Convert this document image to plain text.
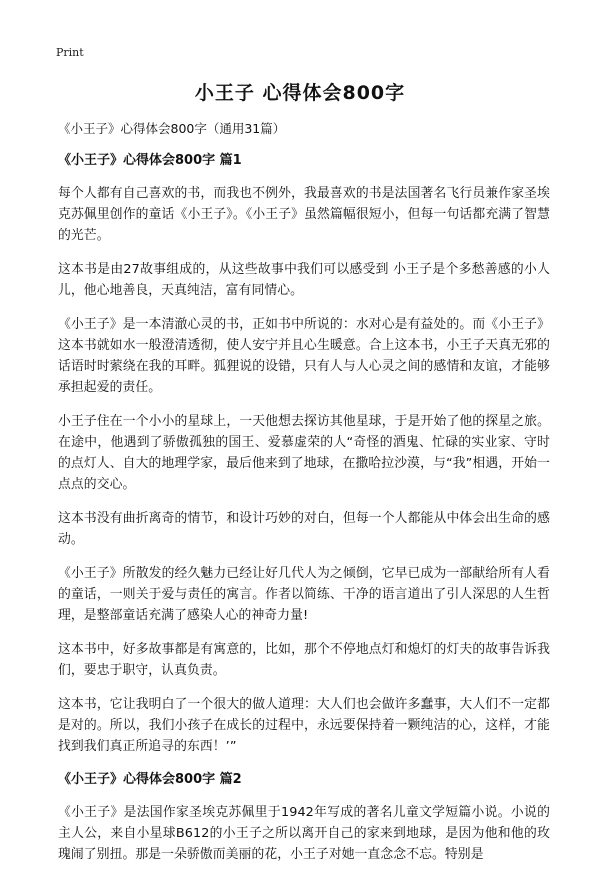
Print
小王子 心得体会800字

《小王子》心得体会800字（通用31篇）

《小王子》心得体会800字 篇1

每个人都有自己喜欢的书，而我也不例外，我最喜欢的书是法国著名飞行员兼作家圣埃克苏佩里创作的童话《小王子》。《小王子》虽然篇幅很短小，但每一句话都充满了智慧的光芒。

这本书是由27故事组成的，从这些故事中我们可以感受到 小王子是个多愁善感的小人儿，他心地善良，天真纯洁，富有同情心。

《小王子》是一本清澈心灵的书，正如书中所说的：水对心是有益处的。而《小王子》这本书就如水一般澄清透彻，使人安宁并且心生暖意。合上这本书，小王子天真无邪的话语时时萦绕在我的耳畔。狐狸说的设错，只有人与人心灵之间的感情和友谊，才能够承担起爱的责任。

小王子住在一个小小的星球上，一天他想去探访其他星球，于是开始了他的探星之旅。在途中，他遇到了骄傲孤独的国王、爱慕虚荣的人“奇怪的酒鬼、忙碌的实业家、守时的点灯人、自大的地理学家，最后他来到了地球，在撒哈拉沙漠，与“我”相遇，开始一点点的交心。

这本书没有曲折离奇的情节，和设计巧妙的对白，但每一个人都能从中体会出生命的感动。

《小王子》所散发的经久魅力已经让好几代人为之倾倒，它早已成为一部献给所有人看的童话，一则关于爱与责任的寓言。作者以简练、干净的语言道出了引人深思的人生哲理，是整部童话充满了感染人心的神奇力量!

这本书中，好多故事都是有寓意的，比如，那个不停地点灯和熄灯的灯夫的故事告诉我们，要忠于职守，认真负责。

这本书，它让我明白了一个很大的做人道理：大人们也会做许多蠢事，大人们不一定都是对的。所以，我们小孩子在成长的过程中，永远要保持着一颗纯洁的心，这样，才能找到我们真正所追寻的东西！’”

《小王子》心得体会800字 篇2

《小王子》是法国作家圣埃克苏佩里于1942年写成的著名儿童文学短篇小说。小说的主人公，来自小星球B612的小王子之所以离开自己的家来到地球，是因为他和他的玫瑰闹了别扭。那是一朵骄傲而美丽的花，小王子对她一直念念不忘。特别是
